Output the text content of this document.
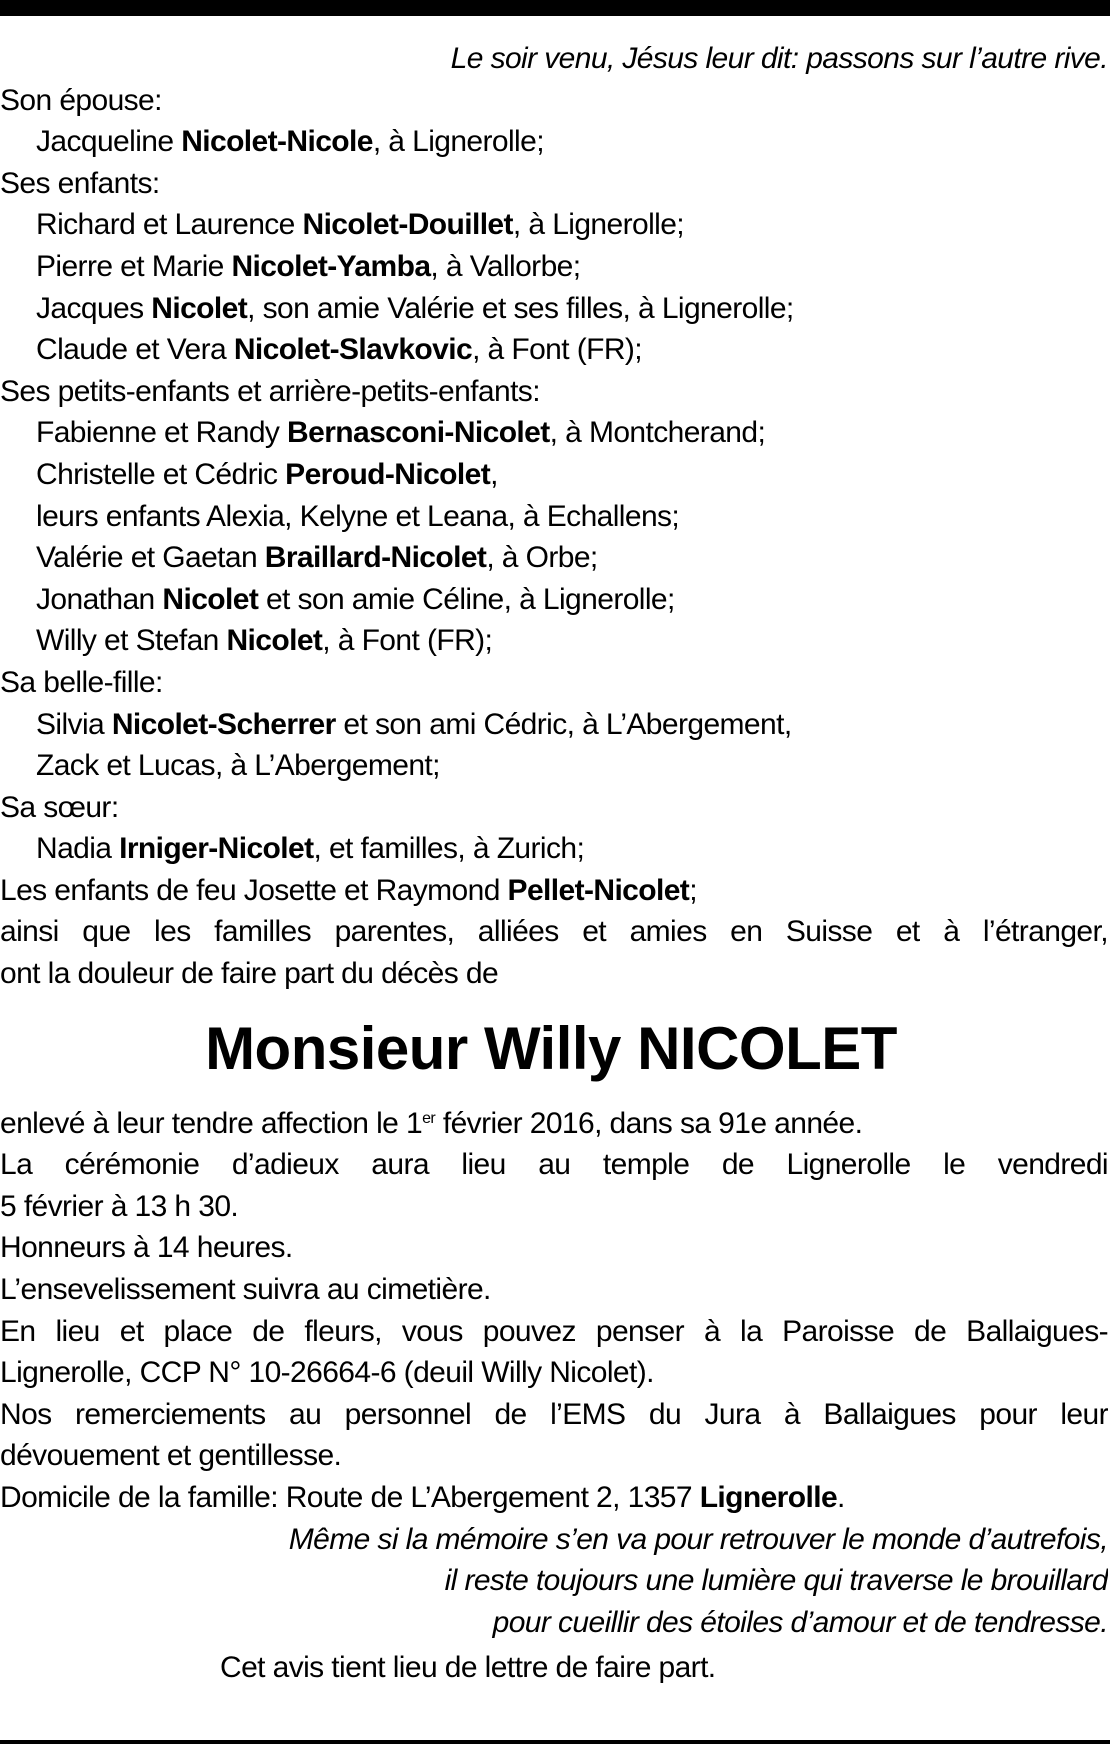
Le soir venu, Jésus leur dit: passons sur l’autre rive.
Son épouse:
Jacqueline Nicolet-Nicole, à Lignerolle;
Ses enfants:
Richard et Laurence Nicolet-Douillet, à Lignerolle;
Pierre et Marie Nicolet-Yamba, à Vallorbe;
Jacques Nicolet, son amie Valérie et ses filles, à Lignerolle;
Claude et Vera Nicolet-Slavkovic, à Font (FR);
Ses petits-enfants et arrière-petits-enfants:
Fabienne et Randy Bernasconi-Nicolet, à Montcherand;
Christelle et Cédric Peroud-Nicolet,
leurs enfants Alexia, Kelyne et Leana, à Echallens;
Valérie et Gaetan Braillard-Nicolet, à Orbe;
Jonathan Nicolet et son amie Céline, à Lignerolle;
Willy et Stefan Nicolet, à Font (FR);
Sa belle-fille:
Silvia Nicolet-Scherrer et son ami Cédric, à L’Abergement,
Zack et Lucas, à L’Abergement;
Sa sœur:
Nadia Irniger-Nicolet, et familles, à Zurich;
Les enfants de feu Josette et Raymond Pellet-Nicolet;
ainsi que les familles parentes, alliées et amies en Suisse et à l’étranger,
ont la douleur de faire part du décès de
Monsieur Willy NICOLET
enlevé à leur tendre affection le 1er février 2016, dans sa 91e année.
La cérémonie d’adieux aura lieu au temple de Lignerolle le vendredi
5 février à 13 h 30.
Honneurs à 14 heures.
L’ensevelissement suivra au cimetière.
En lieu et place de fleurs, vous pouvez penser à la Paroisse de Ballaigues-
Lignerolle, CCP N° 10-26664-6 (deuil Willy Nicolet).
Nos remerciements au personnel de l’EMS du Jura à Ballaigues pour leur
dévouement et gentillesse.
Domicile de la famille: Route de L’Abergement 2, 1357 Lignerolle.
Même si la mémoire s’en va pour retrouver le monde d’autrefois,
il reste toujours une lumière qui traverse le brouillard
pour cueillir des étoiles d’amour et de tendresse.
Cet avis tient lieu de lettre de faire part.
